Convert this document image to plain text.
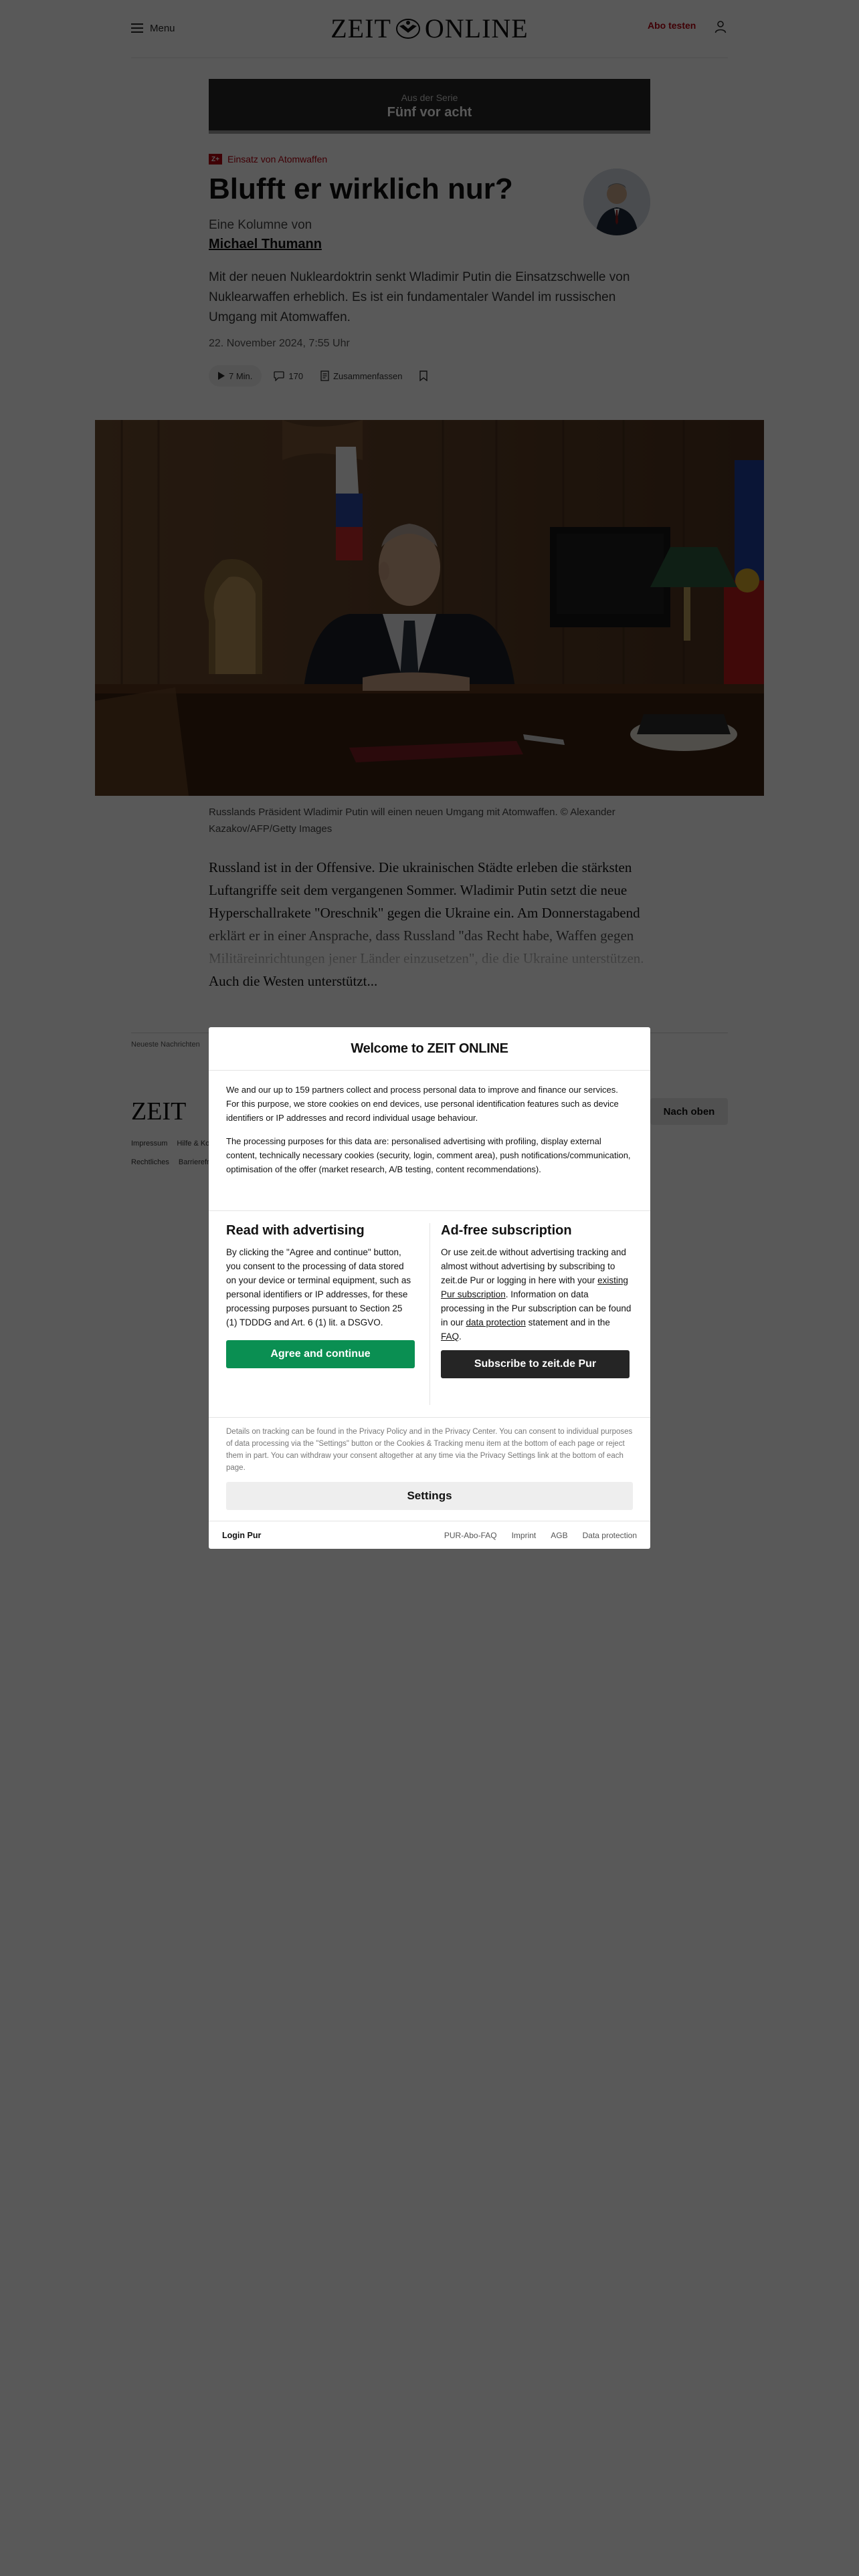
Welcome to ZEIT ONLINE

We and our up to 159 partners collect and process personal data to improve and finance our services. For this purpose, we store cookies on end devices, use personal identification features such as device identifiers or IP addresses and record individual usage behaviour.

The processing purposes for this data are: personalised advertising with profiling, display external content, technically necessary cookies (security, login, comment area), push notifications/communication, optimisation of the offer (market research, A/B testing, content recommendations).

Read with advertising

By clicking the "Agree and continue" button, you consent to the processing of data stored on your device or terminal equipment, such as personal identifiers or IP addresses, for these processing purposes pursuant to Section 25 (1) TDDDG and Art. 6 (1) lit. a DSGVO.

Agree and continue
Ad-free subscription

Or use zeit.de without advertising tracking and almost without advertising by subscribing to zeit.de Pur or logging in here with your existing Pur subscription. Information on data processing in the Pur subscription can be found in our data protection statement and in the FAQ.

Subscribe to zeit.de Pur

Details on tracking can be found in the Privacy Policy and in the Privacy Center. You can consent to individual purposes of data processing via the "Settings" button or the Cookies & Tracking menu item at the bottom of each page or reject them in part. You can withdraw your consent altogether at any time via the Privacy Settings link at the bottom of each page.

Settings
Login Pur	PUR-Abo-FAQ Imprint AGB Data protection
